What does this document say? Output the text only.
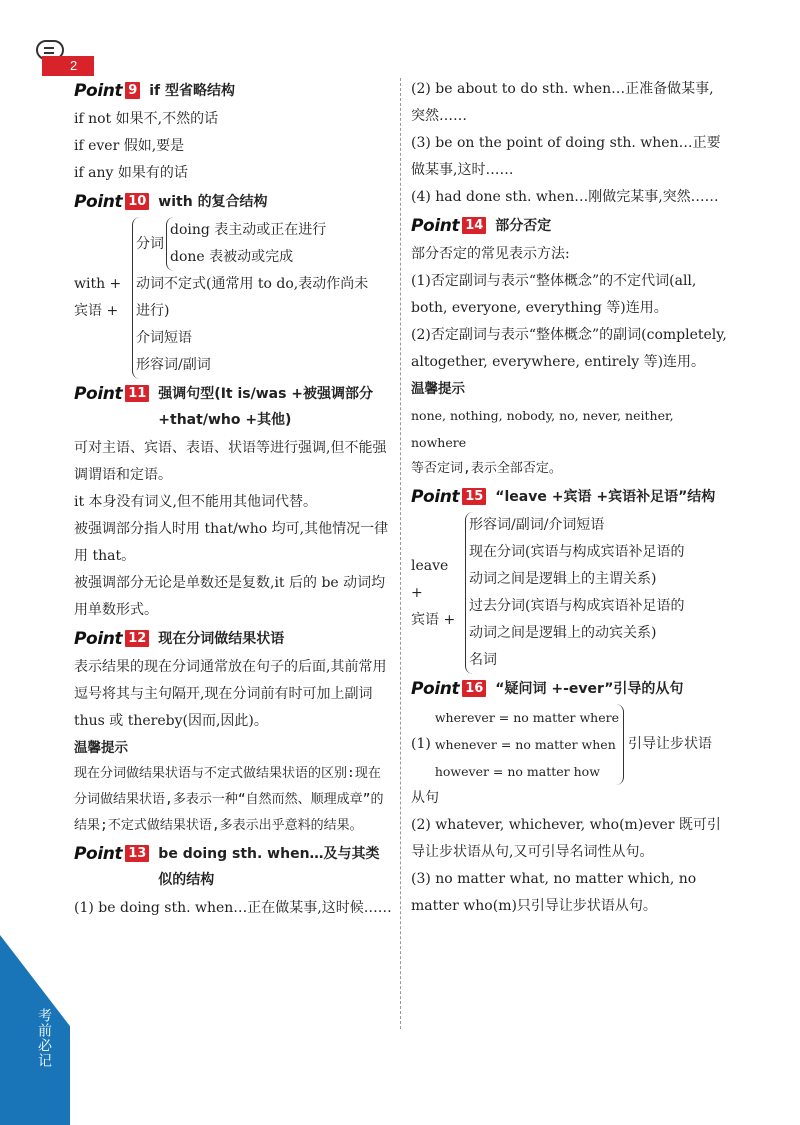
2
考前必记
Point 9 if 型省略结构

if not 如果不,不然的话

if ever 假如,要是

if any 如果有的话

Point 10 with 的复合结构
with +
宾语 +
分词
doing 表主动或正在进行
done 表被动或完成
动词不定式(通常用 to do,表动作尚未
进行)
介词短语
形容词/副词
Point 11 强调句型(It is/was +被强调部分 +that/who +其他)

可对主语、宾语、表语、状语等进行强调,但不能强调谓语和定语。

it 本身没有词义,但不能用其他词代替。

被强调部分指人时用 that/who 均可,其他情况一律用 that。

被强调部分无论是单数还是复数,it 后的 be 动词均用单数形式。

Point 12 现在分词做结果状语

表示结果的现在分词通常放在句子的后面,其前常用逗号将其与主句隔开,现在分词前有时可加上副词 thus 或 thereby(因而,因此)。

温馨提示

现在分词做结果状语与不定式做结果状语的区别:现在分词做结果状语,多表示一种“自然而然、顺理成章”的结果;不定式做结果状语,多表示出乎意料的结果。

Point 13 be doing sth. when…及与其类似的结构

(1) be doing sth. when…正在做某事,这时候……

(2) be about to do sth. when…正准备做某事,突然……

(3) be on the point of doing sth. when…正要做某事,这时……

(4) had done sth. when…刚做完某事,突然……

Point 14 部分否定

部分否定的常见表示方法:

(1)否定副词与表示“整体概念”的不定代词(all, both, everyone, everything 等)连用。

(2)否定副词与表示“整体概念”的副词(completely, altogether, everywhere, entirely 等)连用。

温馨提示

none, nothing, nobody, no, never, neither, nowhere

等否定词,表示全部否定。

Point 15 “leave +宾语 +宾语补足语”结构
leave +
宾语 +
形容词/副词/介词短语
现在分词(宾语与构成宾语补足语的
动词之间是逻辑上的主谓关系)
过去分词(宾语与构成宾语补足语的
动词之间是逻辑上的动宾关系)
名词
Point 16 “疑问词 +-ever”引导的从句
(1)
wherever = no matter where
whenever = no matter when
however = no matter how
引导让步状语

从句

(2) whatever, whichever, who(m)ever 既可引导让步状语从句,又可引导名词性从句。

(3) no matter what, no matter which, no matter who(m)只引导让步状语从句。
